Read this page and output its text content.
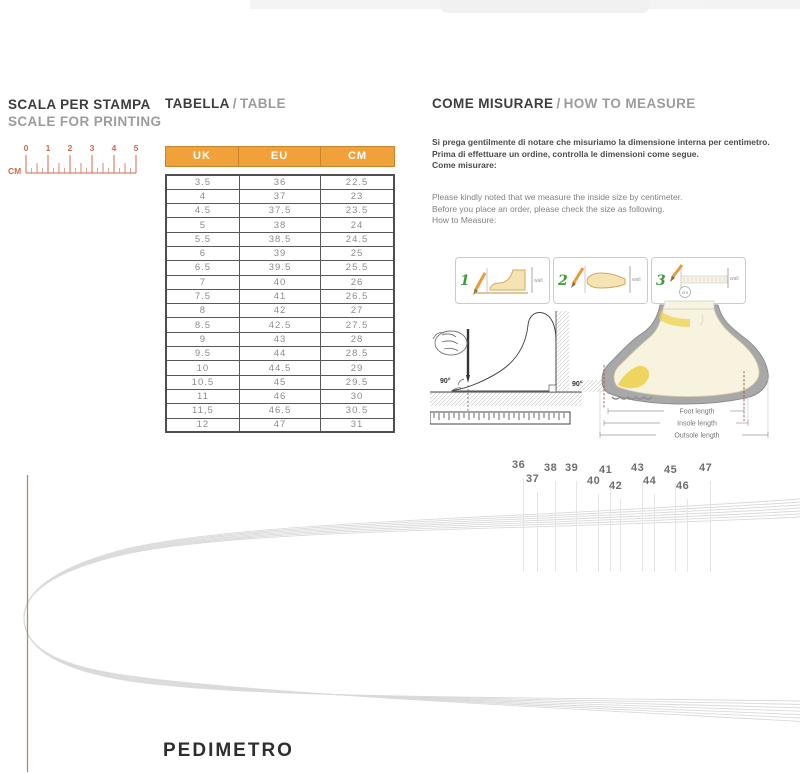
SCALA PER STAMPA
SCALE FOR PRINTING
0 1 2 3 4 5
CM
TABELLA / TABLE
UK	EU	CM
3.5	36	22.5
4	37	23
4.5	37.5	23.5
5	38	24
5.5	38.5	24.5
6	39	25
6.5	39.5	25.5
7	40	26
7.5	41	26.5
8	42	27
8.5	42.5	27.5
9	43	28
9.5	44	28.5
10	44.5	29
10.5	45	29.5
11	46	30
11,5	46.5	30.5
12	47	31
COME MISURARE / HOW TO MEASURE
Si prega gentilmente di notare che misuriamo la dimensione interna per centimetro.
Prima di effettuare un ordine, controlla le dimensioni come segue.
Come misurare:
Please kindly noted that we measure the inside size by centimeter.
Before you place an order, please check the size as following.
How to Measure:
1	wall 2	wall 3	wall
cm
90°	90°
Foot length
Insole length
Outsole length
36
37
38 39
40
41
42
43
44
45
46
47
PEDIMETRO
